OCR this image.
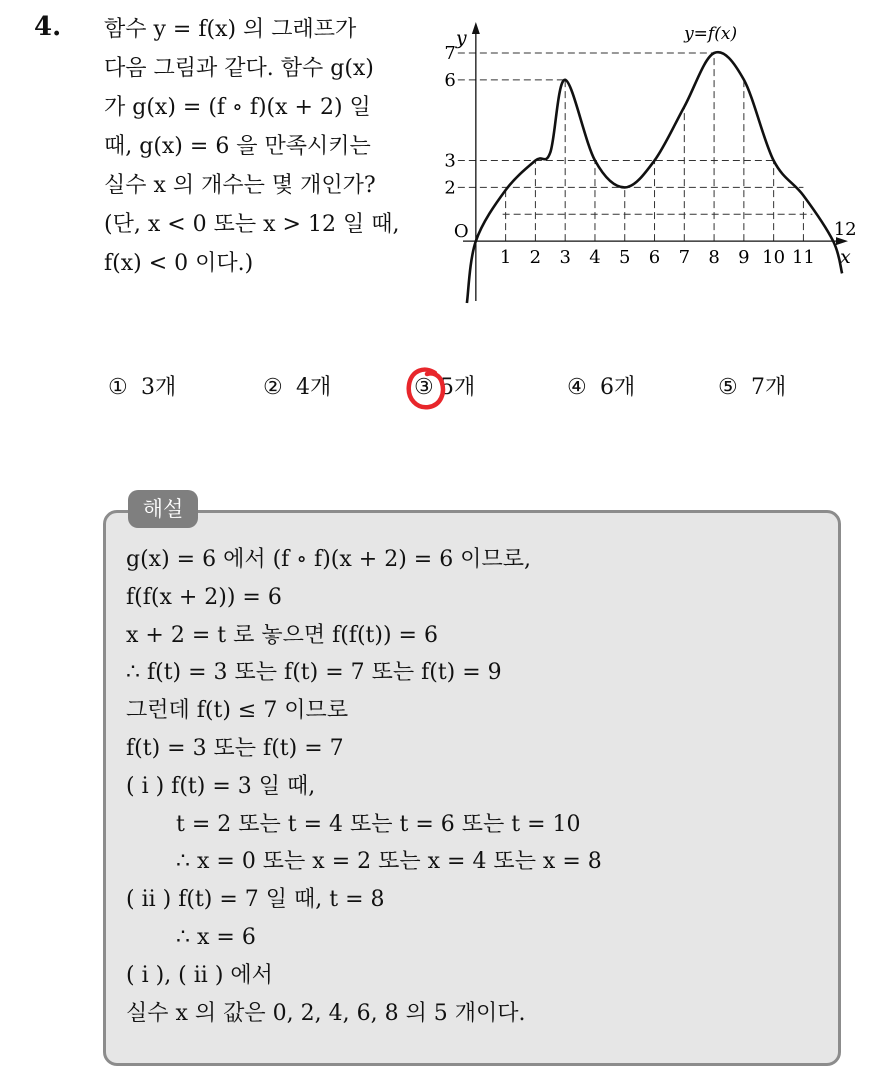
4. 함수 y = f(x) 의 그래프가
다음 그림과 같다. 함수 g(x)
가 g(x) = (f ∘ f)(x + 2) 일
때, g(x) = 6 을 만족시키는
실수 x 의 개수는 몇 개인가?
(단, x < 0 또는 x > 12 일 때,
f(x) < 0 이다.)
y
x
O
y=f(x)
12
1 2 3 4 5 6 7 8 9 10 11
7
6
3
2
① 3개	② 4개	③ 5개	④ 6개	⑤ 7개
해설
g(x) = 6 에서 (f ∘ f)(x + 2) = 6 이므로,
f(f(x + 2)) = 6
x + 2 = t 로 놓으면 f(f(t)) = 6
∴ f(t) = 3 또는 f(t) = 7 또는 f(t) = 9
그런데 f(t) ≤ 7 이므로
f(t) = 3 또는 f(t) = 7
( i ) f(t) = 3 일 때,
t = 2 또는 t = 4 또는 t = 6 또는 t = 10
∴ x = 0 또는 x = 2 또는 x = 4 또는 x = 8
( ii ) f(t) = 7 일 때, t = 8
∴ x = 6
( i ), ( ii ) 에서
실수 x 의 값은 0, 2, 4, 6, 8 의 5 개이다.
